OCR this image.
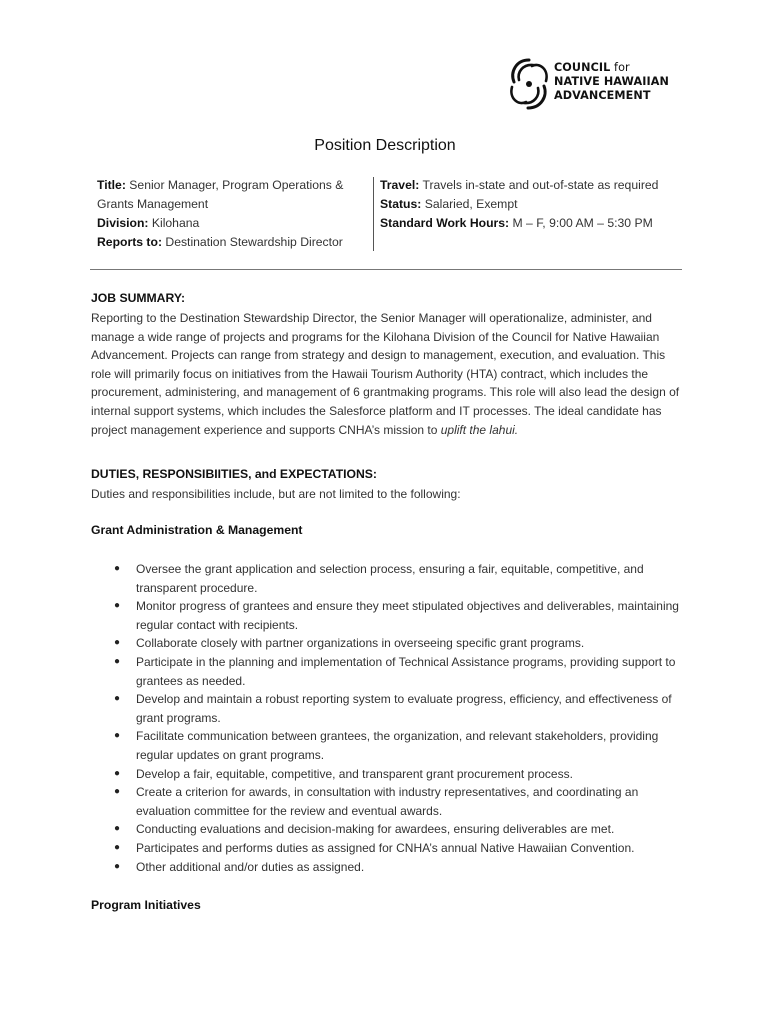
COUNCIL for
NATIVE HAWAIIAN
ADVANCEMENT
Position Description
Title: Senior Manager, Program Operations & Grants Management
Division: Kilohana
Reports to: Destination Stewardship Director
Travel: Travels in-state and out-of-state as required
Status: Salaried, Exempt
Standard Work Hours: M – F, 9:00 AM – 5:30 PM
JOB SUMMARY:
Reporting to the Destination Stewardship Director, the Senior Manager will operationalize, administer, and manage a wide range of projects and programs for the Kilohana Division of the Council for Native Hawaiian Advancement. Projects can range from strategy and design to management, execution, and evaluation. This role will primarily focus on initiatives from the Hawaii Tourism Authority (HTA) contract, which includes the procurement, administering, and management of 6 grantmaking programs. This role will also lead the design of internal support systems, which includes the Salesforce platform and IT processes. The ideal candidate has project management experience and supports CNHA’s mission to uplift the lahui.
DUTIES, RESPONSIBIITIES, and EXPECTATIONS:
Duties and responsibilities include, but are not limited to the following:
Grant Administration & Management
● Oversee the grant application and selection process, ensuring a fair, equitable, competitive, and transparent procedure.
● Monitor progress of grantees and ensure they meet stipulated objectives and deliverables, maintaining regular contact with recipients.
● Collaborate closely with partner organizations in overseeing specific grant programs.
● Participate in the planning and implementation of Technical Assistance programs, providing support to grantees as needed.
● Develop and maintain a robust reporting system to evaluate progress, efficiency, and effectiveness of grant programs.
● Facilitate communication between grantees, the organization, and relevant stakeholders, providing regular updates on grant programs.
● Develop a fair, equitable, competitive, and transparent grant procurement process.
● Create a criterion for awards, in consultation with industry representatives, and coordinating an evaluation committee for the review and eventual awards.
● Conducting evaluations and decision-making for awardees, ensuring deliverables are met.
● Participates and performs duties as assigned for CNHA’s annual Native Hawaiian Convention.
● Other additional and/or duties as assigned.
Program Initiatives
